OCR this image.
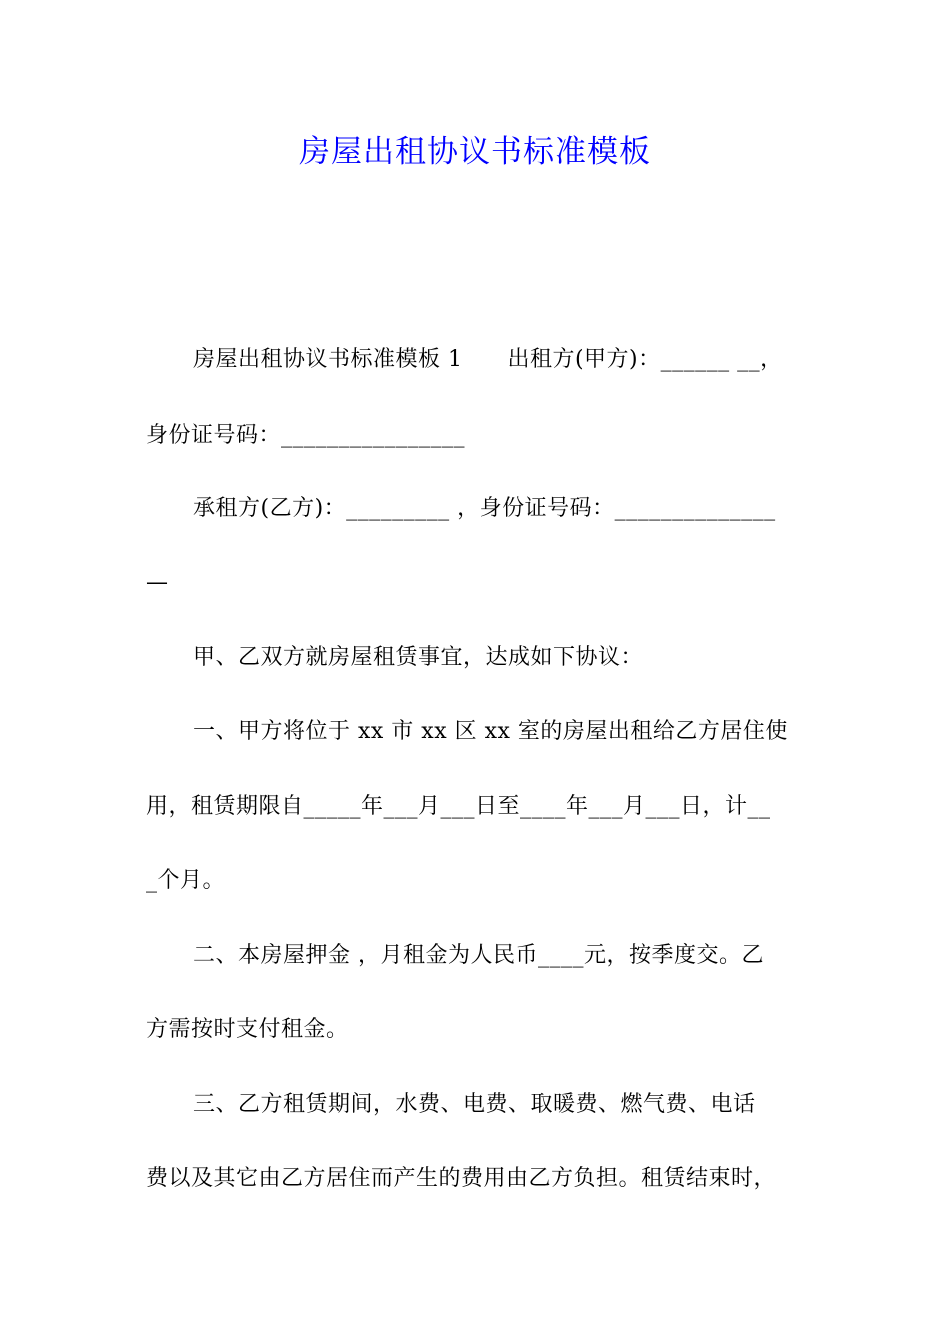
房屋出租协议书标准模板
房屋出租协议书标准模板 1      出租方(甲方)：______ __，
身份证号码：________________
承租方(乙方)：_________ ，身份证号码：______________
—
甲、乙双方就房屋租赁事宜，达成如下协议：
一、甲方将位于 xx 市 xx 区 xx 室的房屋出租给乙方居住使
用，租赁期限自_____年___月___日至____年___月___日，计__
_个月。
二、本房屋押金 ，月租金为人民币____元，按季度交。乙
方需按时支付租金。
三、乙方租赁期间，水费、电费、取暖费、燃气费、电话
费以及其它由乙方居住而产生的费用由乙方负担。租赁结束时，
